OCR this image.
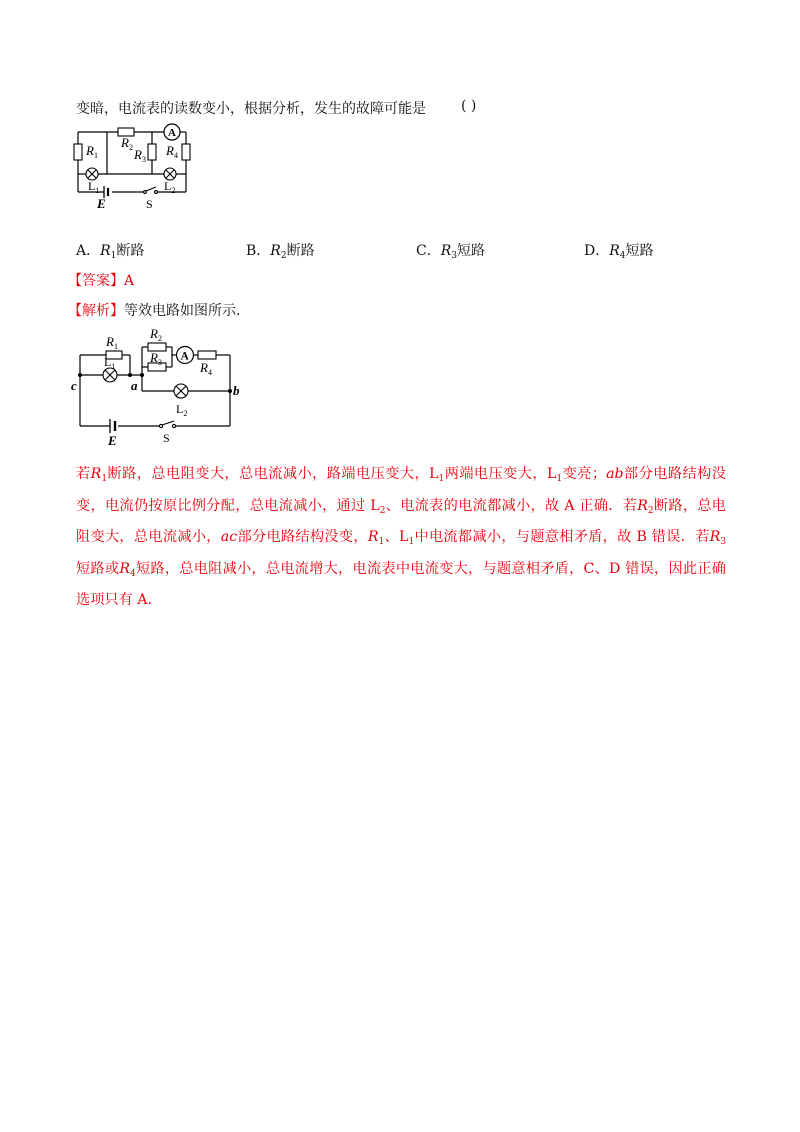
变暗，电流表的读数变小，根据分析，发生的故障可能是	( )
A
$R_1$
$R_2$ $R_3$
$R_4$
$L_1$	$L_2$
E	S
A．$R_1$断路	B．$R_2$断路	C．$R_3$短路	D．$R_4$短路
【答案】A
【解析】等效电路如图所示．
A
$R_1$
$R_2$
$R_3$	$R_4$
$L_1$
$L_2$
a	b
c
E	S
若$R_1$断路，总电阻变大，总电流减小，路端电压变大，$L_1$两端电压变大，$L_1$变亮；ab部分电路结构没变，电流仍按原比例分配，总电流减小，通过 $L_2$、电流表的电流都减小，故 A 正确．若$R_2$断路，总电阻变大，总电流减小，ac部分电路结构没变，$R_1$、$L_1$中电流都减小，与题意相矛盾，故 B 错误．若$R_3$短路或$R_4$短路，总电阻减小，总电流增大，电流表中电流变大，与题意相矛盾，C、D 错误，因此正确选项只有 A.
